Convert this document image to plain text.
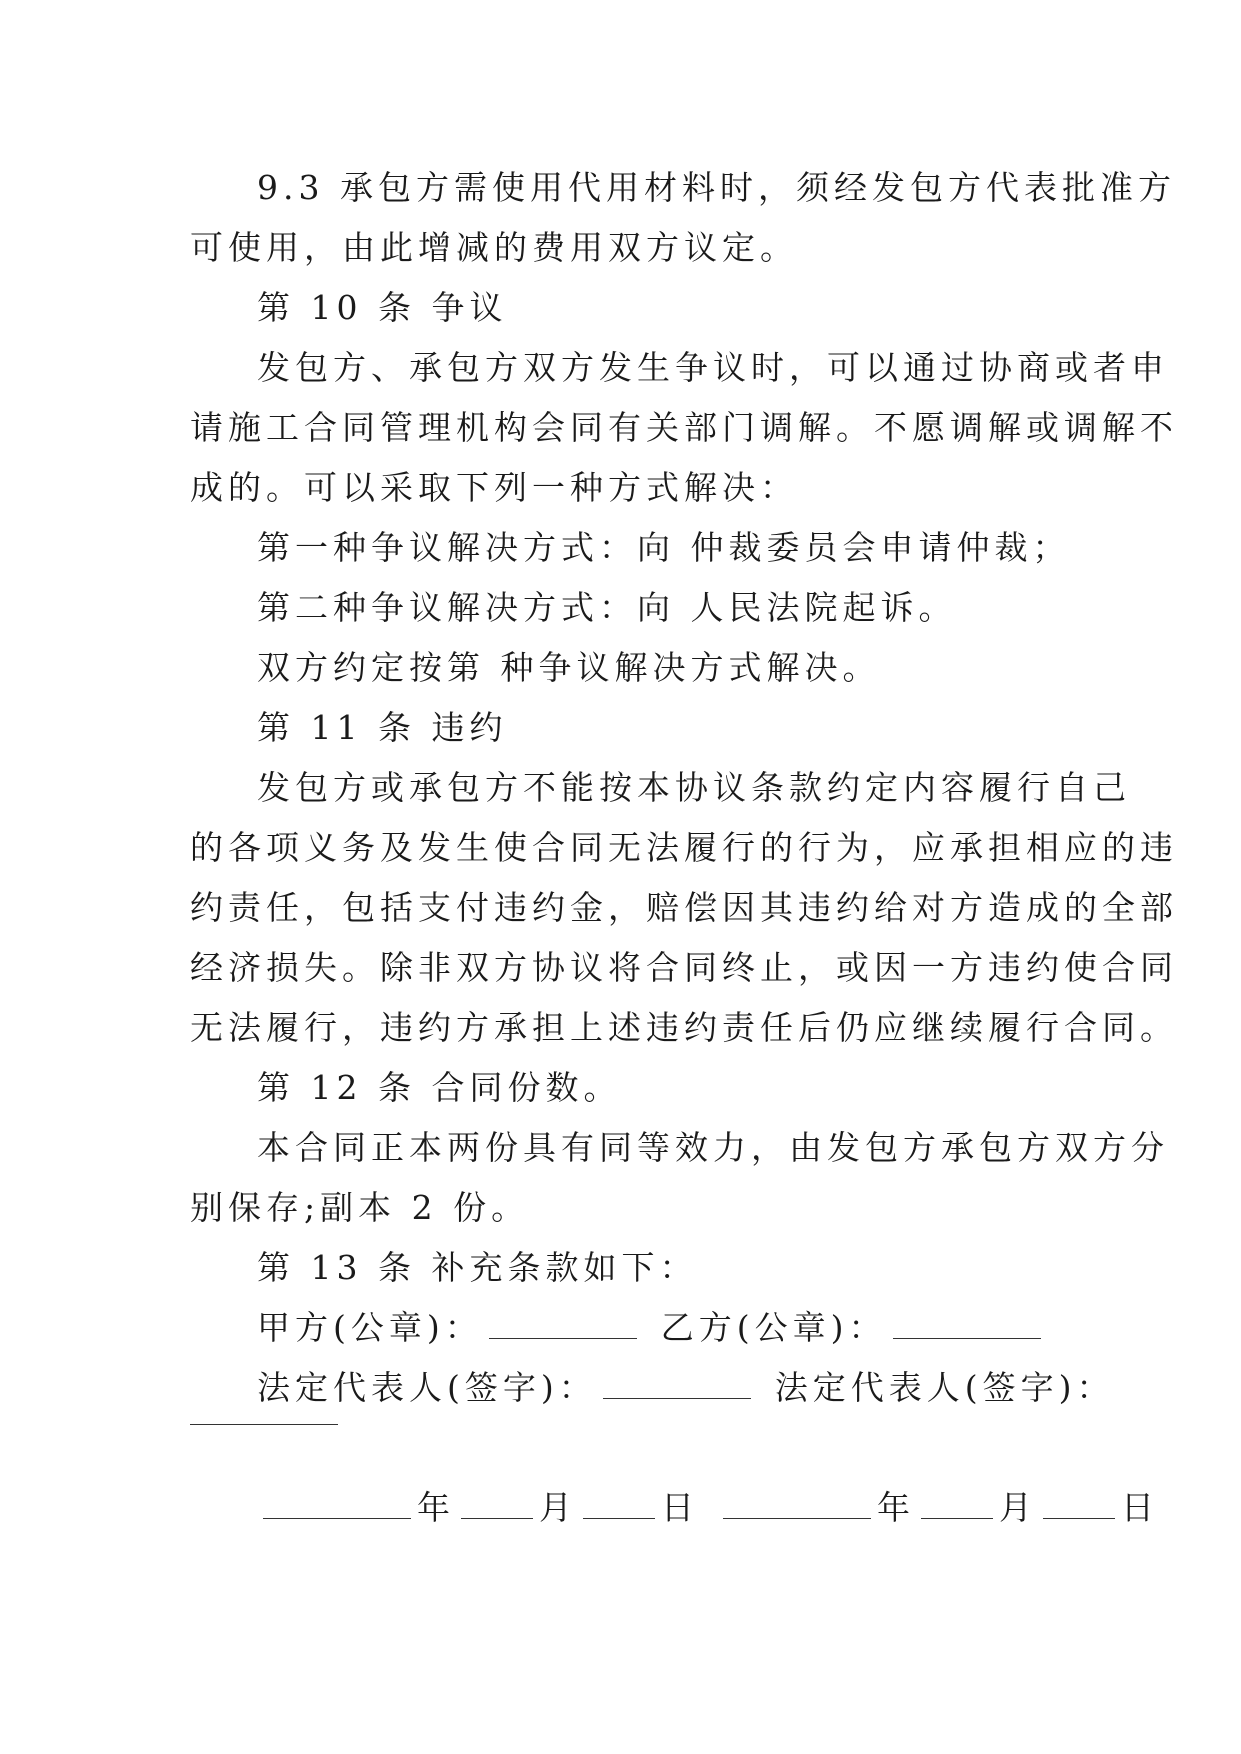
9.3 承包方需使用代用材料时，须经发包方代表批准方
可使用，由此增减的费用双方议定。
第 10 条 争议
发包方、承包方双方发生争议时，可以通过协商或者申
请施工合同管理机构会同有关部门调解。不愿调解或调解不
成的。可以采取下列一种方式解决：
第一种争议解决方式：向 仲裁委员会申请仲裁；
第二种争议解决方式：向 人民法院起诉。
双方约定按第 种争议解决方式解决。
第 11 条 违约
发包方或承包方不能按本协议条款约定内容履行自己
的各项义务及发生使合同无法履行的行为，应承担相应的违
约责任，包括支付违约金，赔偿因其违约给对方造成的全部
经济损失。除非双方协议将合同终止，或因一方违约使合同
无法履行，违约方承担上述违约责任后仍应继续履行合同。
第 12 条 合同份数。
本合同正本两份具有同等效力，由发包方承包方双方分
别保存;副本 2 份。
第 13 条 补充条款如下：
甲方(公章)：	乙方(公章)：
法定代表人(签字)：	法定代表人(签字)：
年	月	日	年	月	日
